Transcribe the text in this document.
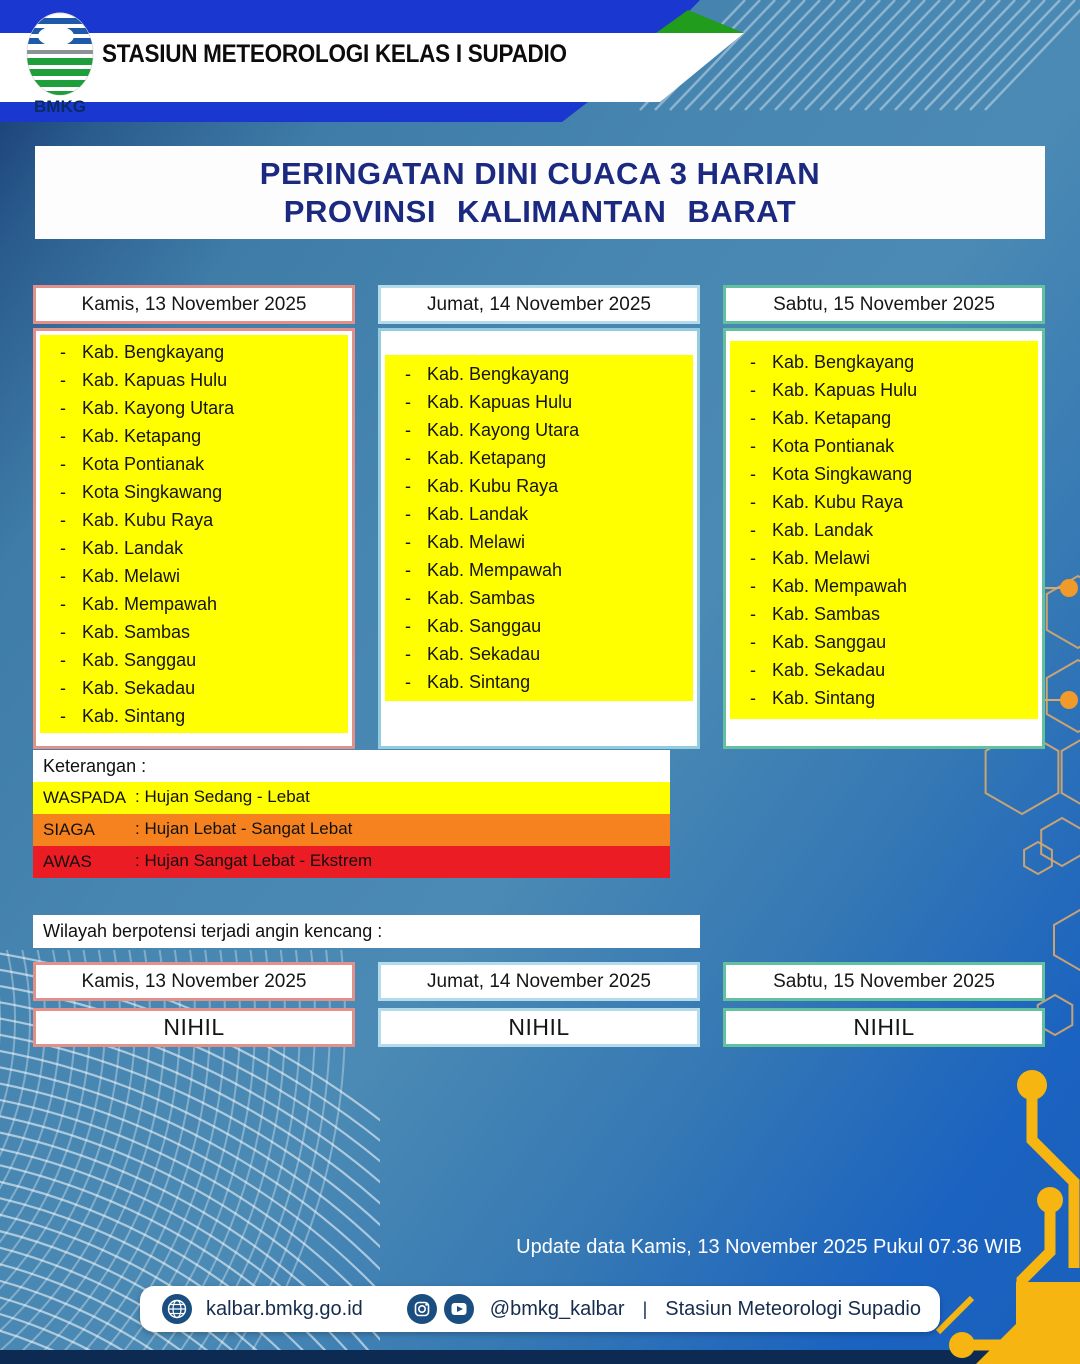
BMKG
STASIUN METEOROLOGI KELAS I SUPADIO
PERINGATAN DINI CUACA 3 HARIAN
PROVINSI KALIMANTAN BARAT
Kamis, 13 November 2025
- Kab. Bengkayang
- Kab. Kapuas Hulu
- Kab. Kayong Utara
- Kab. Ketapang
- Kota Pontianak
- Kota Singkawang
- Kab. Kubu Raya
- Kab. Landak
- Kab. Melawi
- Kab. Mempawah
- Kab. Sambas
- Kab. Sanggau
- Kab. Sekadau
- Kab. Sintang
Jumat, 14 November 2025
- Kab. Bengkayang
- Kab. Kapuas Hulu
- Kab. Kayong Utara
- Kab. Ketapang
- Kab. Kubu Raya
- Kab. Landak
- Kab. Melawi
- Kab. Mempawah
- Kab. Sambas
- Kab. Sanggau
- Kab. Sekadau
- Kab. Sintang
Sabtu, 15 November 2025
- Kab. Bengkayang
- Kab. Kapuas Hulu
- Kab. Ketapang
- Kota Pontianak
- Kota Singkawang
- Kab. Kubu Raya
- Kab. Landak
- Kab. Melawi
- Kab. Mempawah
- Kab. Sambas
- Kab. Sanggau
- Kab. Sekadau
- Kab. Sintang
Keterangan :
WASPADA : Hujan Sedang - Lebat
SIAGA : Hujan Lebat - Sangat Lebat
AWAS	: Hujan Sangat Lebat - Ekstrem
Wilayah berpotensi terjadi angin kencang :
Kamis, 13 November 2025
NIHIL
Jumat, 14 November 2025
NIHIL
Sabtu, 15 November 2025
NIHIL
Update data Kamis, 13 November 2025 Pukul 07.36 WIB
kalbar.bmkg.go.id	@bmkg_kalbar | Stasiun Meteorologi Supadio
